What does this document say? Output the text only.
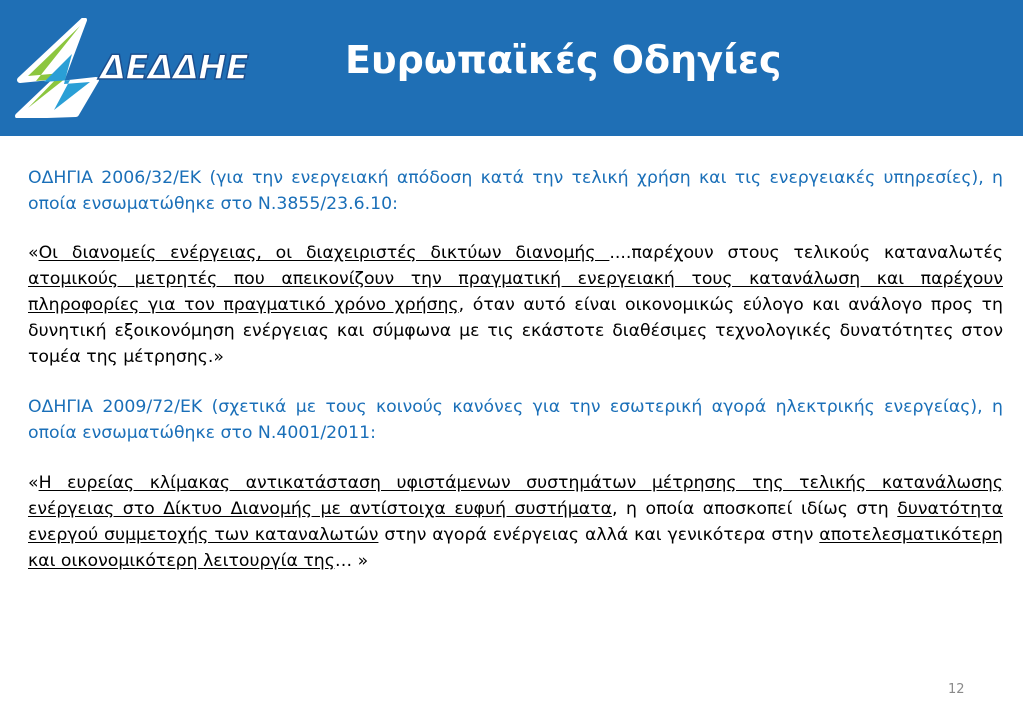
ΔΕΔΔΗΕ	Ευρωπαϊκές Οδηγίες

ΟΔΗΓΙΑ 2006/32/ΕΚ (για την ενεργειακή απόδοση κατά την τελική χρήση και τις ενεργειακές υπηρεσίες), η οποία ενσωματώθηκε στο Ν.3855/23.6.10:

«Οι διανομείς ενέργειας, οι διαχειριστές δικτύων διανομής ....παρέχουν στους τελικούς καταναλωτές ατομικούς μετρητές που απεικονίζουν την πραγματική ενεργειακή τους κατανάλωση και παρέχουν πληροφορίες για τον πραγματικό χρόνο χρήσης, όταν αυτό είναι οικονομικώς εύλογο και ανάλογο προς τη δυνητική εξοικονόμηση ενέργειας και σύμφωνα με τις εκάστοτε διαθέσιμες τεχνολογικές δυνατότητες στον τομέα της μέτρησης.»

ΟΔΗΓΙΑ 2009/72/ΕΚ (σχετικά με τους κοινούς κανόνες για την εσωτερική αγορά ηλεκτρικής ενεργείας), η οποία ενσωματώθηκε στο Ν.4001/2011:

«Η ευρείας κλίμακας αντικατάσταση υφιστάμενων συστημάτων μέτρησης της τελικής κατανάλωσης ενέργειας στο Δίκτυο Διανομής με αντίστοιχα ευφυή συστήματα, η οποία αποσκοπεί ιδίως στη δυνατότητα ενεργού συμμετοχής των καταναλωτών στην αγορά ενέργειας αλλά και γενικότερα στην αποτελεσματικότερη και οικονομικότερη λειτουργία της… »

12
